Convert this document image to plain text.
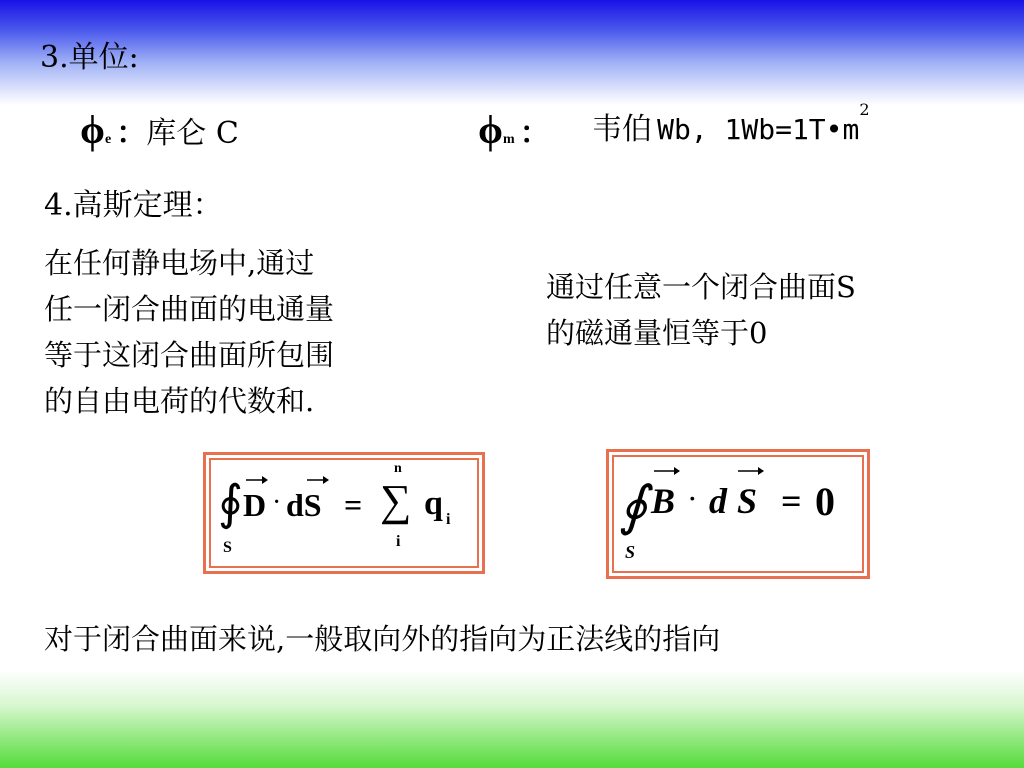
3.单位:
ϕe ：库仑 C	ϕm ： 韦伯 Wb, 1Wb=1T•m2
4.高斯定理：
在任何静电场中,通过
任一闭合曲面的电通量
等于这闭合曲面所包围
的自由电荷的代数和.
通过任意一个闭合曲面S
的磁通量恒等于0
∮
S
D · dS =
n
∑
i
q i	∮
S
B · d S = 0
对于闭合曲面来说,一般取向外的指向为正法线的指向
